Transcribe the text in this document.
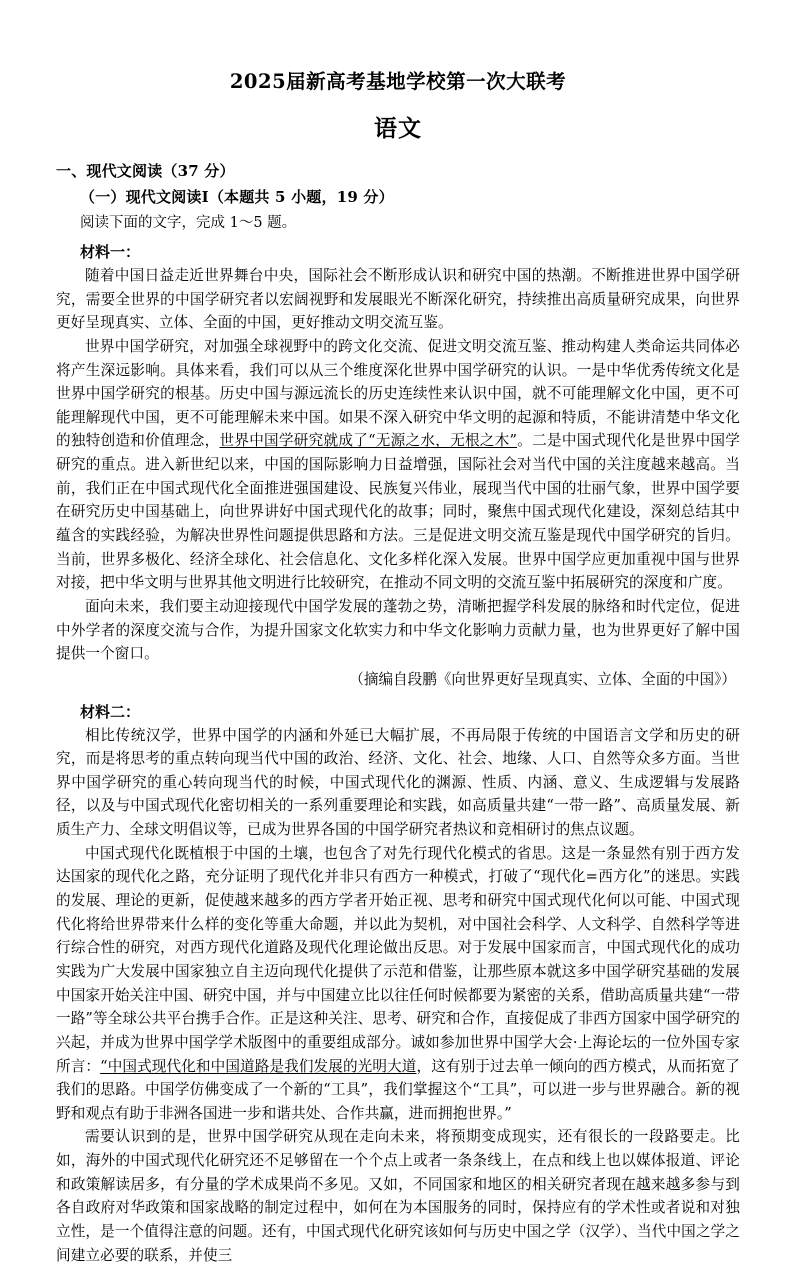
2025届新高考基地学校第一次大联考
语文
一、现代文阅读（37 分）
（一）现代文阅读Ⅰ（本题共 5 小题，19 分）
阅读下面的文字，完成 1～5 题。
材料一：

随着中国日益走近世界舞台中央，国际社会不断形成认识和研究中国的热潮。不断推进世界中国学研究，需要全世界的中国学研究者以宏阔视野和发展眼光不断深化研究，持续推出高质量研究成果，向世界更好呈现真实、立体、全面的中国，更好推动文明交流互鉴。

世界中国学研究，对加强全球视野中的跨文化交流、促进文明交流互鉴、推动构建人类命运共同体必将产生深远影响。具体来看，我们可以从三个维度深化世界中国学研究的认识。一是中华优秀传统文化是世界中国学研究的根基。历史中国与源远流长的历史连续性来认识中国，就不可能理解文化中国，更不可能理解现代中国，更不可能理解未来中国。如果不深入研究中华文明的起源和特质，不能讲清楚中华文化的独特创造和价值理念，世界中国学研究就成了“无源之水，无根之木”。二是中国式现代化是世界中国学研究的重点。进入新世纪以来，中国的国际影响力日益增强，国际社会对当代中国的关注度越来越高。当前，我们正在中国式现代化全面推进强国建设、民族复兴伟业，展现当代中国的壮丽气象，世界中国学要在研究历史中国基础上，向世界讲好中国式现代化的故事；同时，聚焦中国式现代化建设，深刻总结其中蕴含的实践经验，为解决世界性问题提供思路和方法。三是促进文明交流互鉴是现代中国学研究的旨归。当前，世界多极化、经济全球化、社会信息化、文化多样化深入发展。世界中国学应更加重视中国与世界对接，把中华文明与世界其他文明进行比较研究，在推动不同文明的交流互鉴中拓展研究的深度和广度。

面向未来，我们要主动迎接现代中国学发展的蓬勃之势，清晰把握学科发展的脉络和时代定位，促进中外学者的深度交流与合作，为提升国家文化软实力和中华文化影响力贡献力量，也为世界更好了解中国提供一个窗口。

（摘编自段鹏《向世界更好呈现真实、立体、全面的中国》）
材料二：

相比传统汉学，世界中国学的内涵和外延已大幅扩展，不再局限于传统的中国语言文学和历史的研究，而是将思考的重点转向现当代中国的政治、经济、文化、社会、地缘、人口、自然等众多方面。当世界中国学研究的重心转向现当代的时候，中国式现代化的渊源、性质、内涵、意义、生成逻辑与发展路径，以及与中国式现代化密切相关的一系列重要理论和实践，如高质量共建“一带一路”、高质量发展、新质生产力、全球文明倡议等，已成为世界各国的中国学研究者热议和竞相研讨的焦点议题。

中国式现代化既植根于中国的土壤，也包含了对先行现代化模式的省思。这是一条显然有别于西方发达国家的现代化之路，充分证明了现代化并非只有西方一种模式，打破了“现代化=西方化”的迷思。实践的发展、理论的更新，促使越来越多的西方学者开始正视、思考和研究中国式现代化何以可能、中国式现代化将给世界带来什么样的变化等重大命题，并以此为契机，对中国社会科学、人文科学、自然科学等进行综合性的研究，对西方现代化道路及现代化理论做出反思。对于发展中国家而言，中国式现代化的成功实践为广大发展中国家独立自主迈向现代化提供了示范和借鉴，让那些原本就这多中国学研究基础的发展中国家开始关注中国、研究中国，并与中国建立比以往任何时候都要为紧密的关系，借助高质量共建“一带一路”等全球公共平台携手合作。正是这种关注、思考、研究和合作，直接促成了非西方国家中国学研究的兴起，并成为世界中国学学术版图中的重要组成部分。诚如参加世界中国学大会·上海论坛的一位外国专家所言：“中国式现代化和中国道路是我们发展的光明大道，这有别于过去单一倾向的西方模式，从而拓宽了我们的思路。中国学仿佛变成了一个新的“工具”，我们掌握这个“工具”，可以进一步与世界融合。新的视野和观点有助于非洲各国进一步和谐共处、合作共赢，进而拥抱世界。”

需要认识到的是，世界中国学研究从现在走向未来，将预期变成现实，还有很长的一段路要走。比如，海外的中国式现代化研究还不足够留在一个个点上或者一条条线上，在点和线上也以媒体报道、评论和政策解读居多，有分量的学术成果尚不多见。又如，不同国家和地区的相关研究者现在越来越多参与到各自政府对华政策和国家战略的制定过程中，如何在为本国服务的同时，保持应有的学术性或者说和对独立性，是一个值得注意的问题。还有，中国式现代化研究该如何与历史中国之学（汉学）、当代中国之学之间建立必要的联系，并使三
